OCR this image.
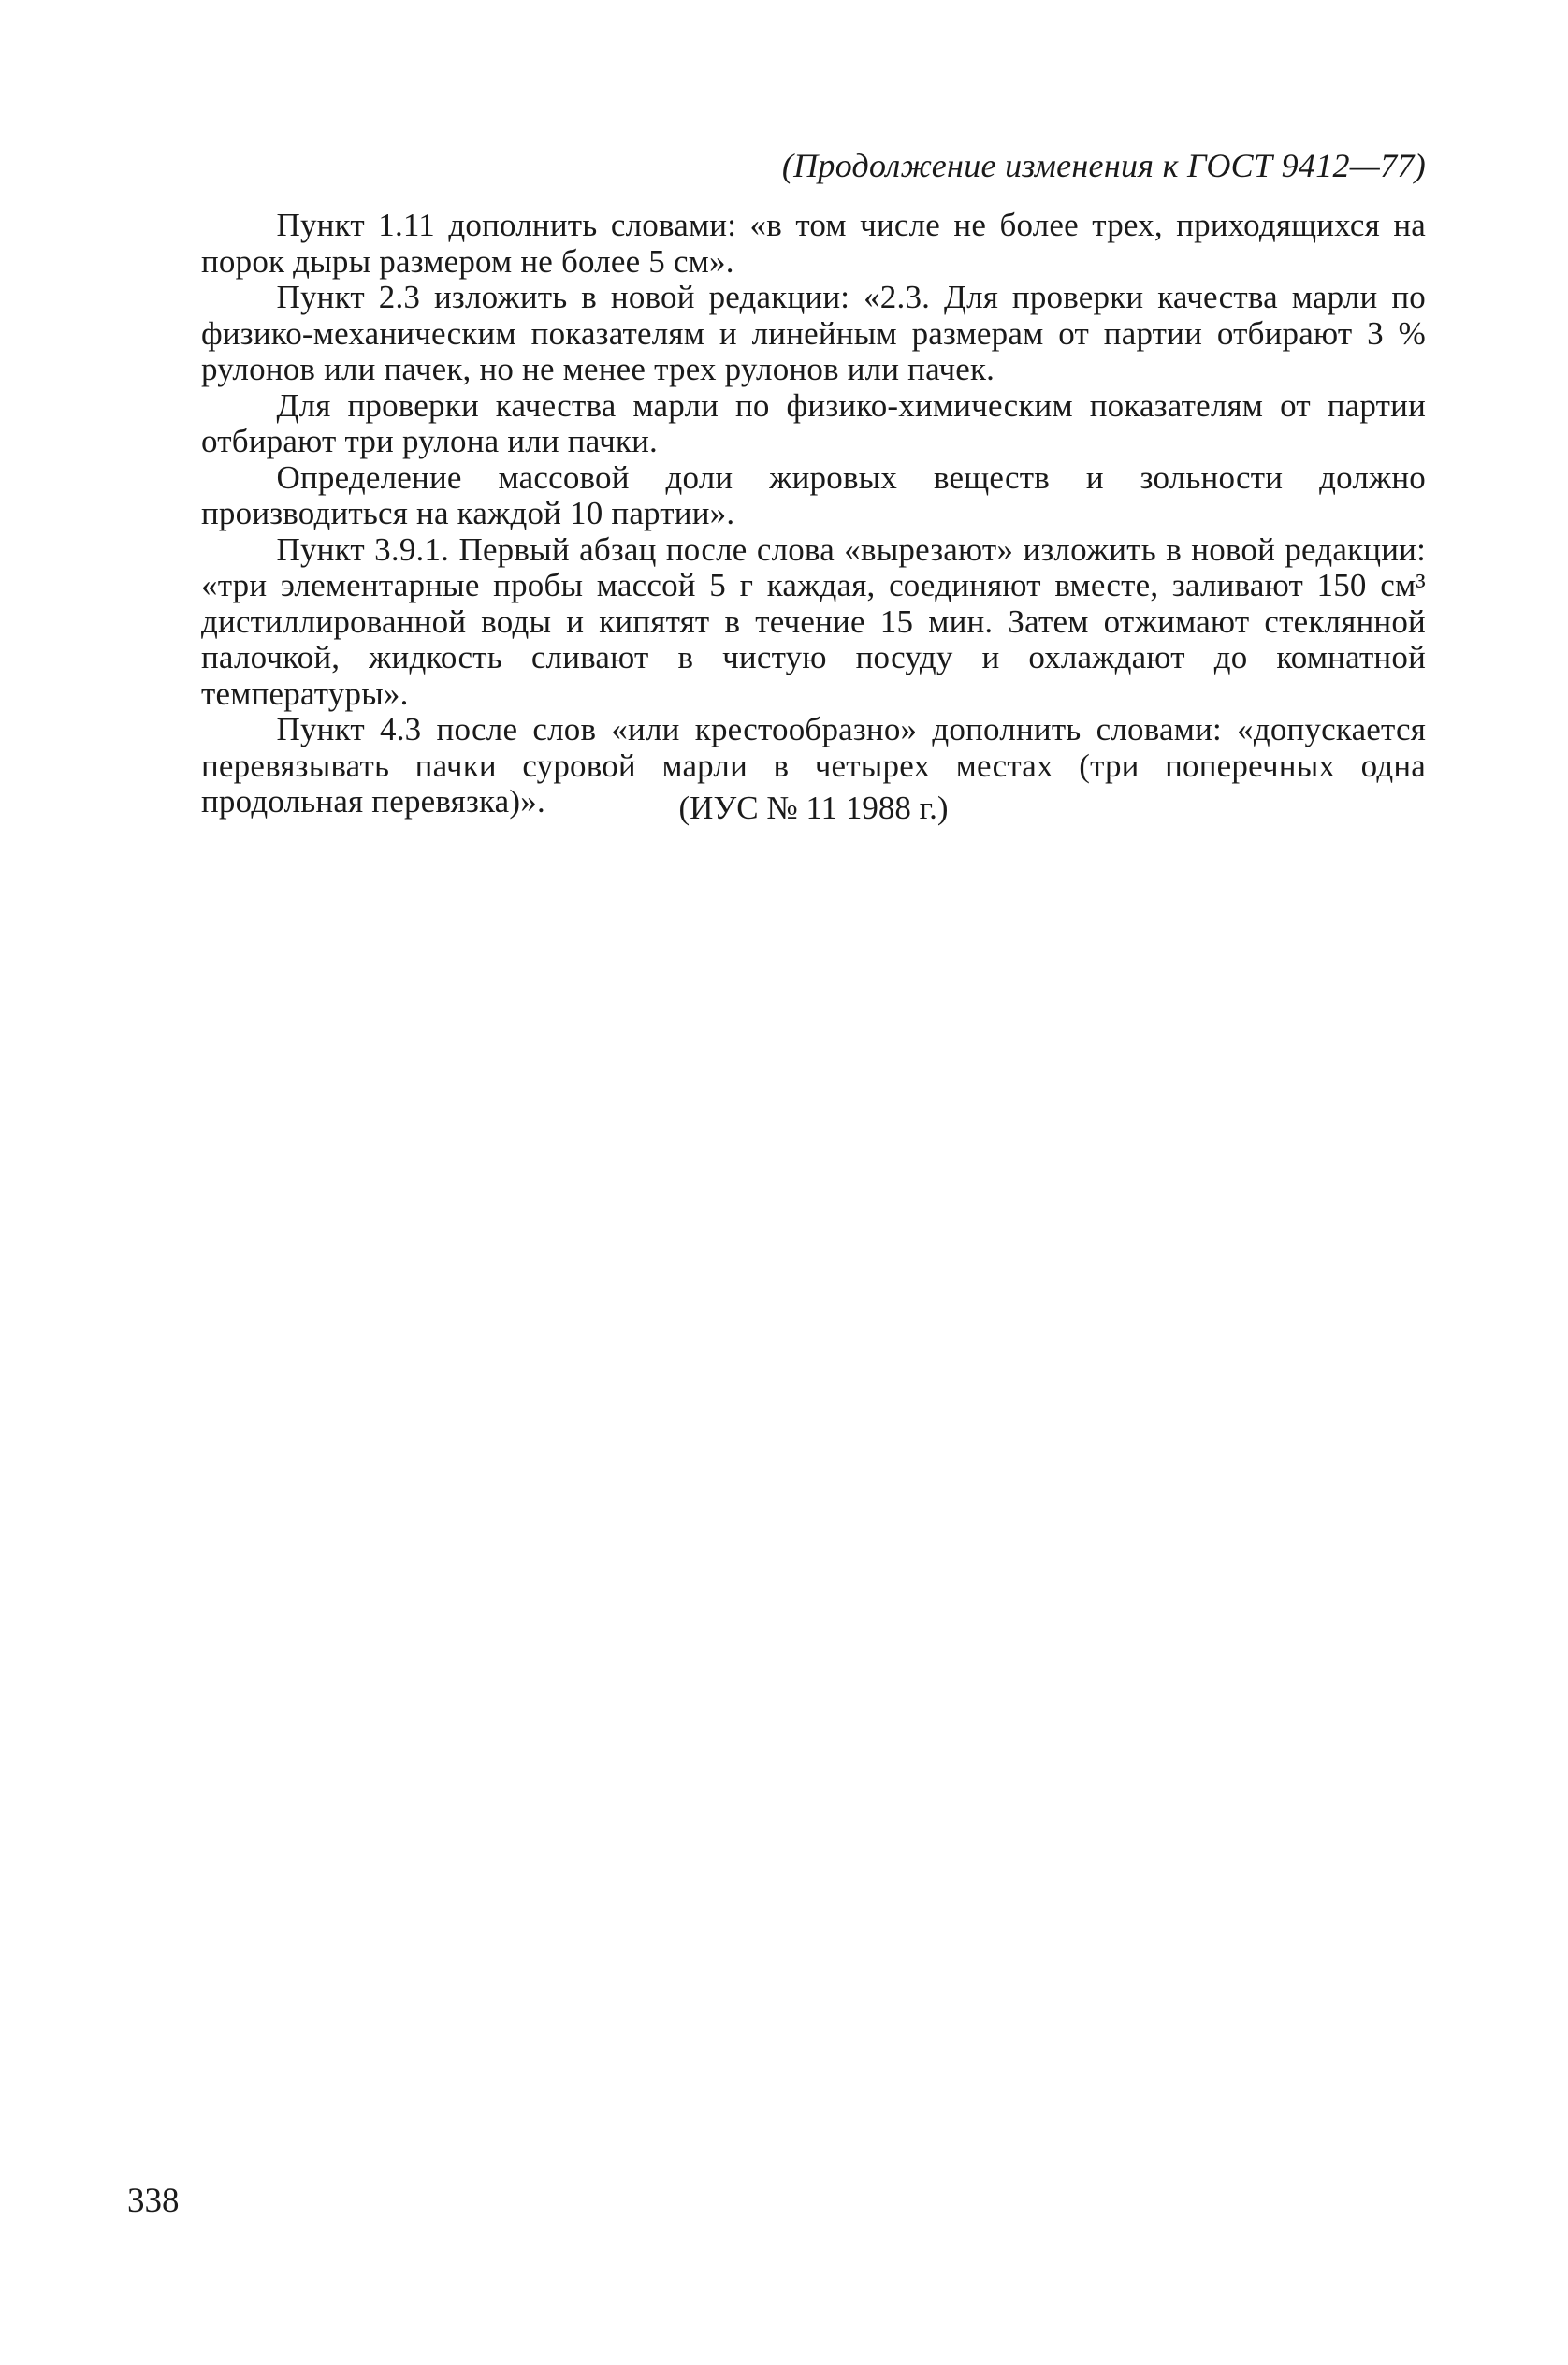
(Продолжение изменения к ГОСТ 9412—77)

Пункт 1.11 дополнить словами: «в том числе не более трех, приходящихся на порок дыры размером не более 5 см».

Пункт 2.3 изложить в новой редакции: «2.3. Для проверки качества марли по физико-механическим показателям и линейным размерам от партии отбирают 3 % рулонов или пачек, но не менее трех рулонов или пачек.

Для проверки качества марли по физико-химическим показателям от партии отбирают три рулона или пачки.

Определение массовой доли жировых веществ и зольности должно производиться на каждой 10 партии».

Пункт 3.9.1. Первый абзац после слова «вырезают» изложить в новой редакции: «три элементарные пробы массой 5 г каждая, соединяют вместе, заливают 150 см³ дистиллированной воды и кипятят в течение 15 мин. Затем отжимают стеклянной палочкой, жидкость сливают в чистую посуду и охлаждают до комнатной температуры».

Пункт 4.3 после слов «или крестообразно» дополнить словами: «допускается перевязывать пачки суровой марли в четырех местах (три поперечных одна продольная перевязка)».	(ИУС № 11 1988 г.)
338
